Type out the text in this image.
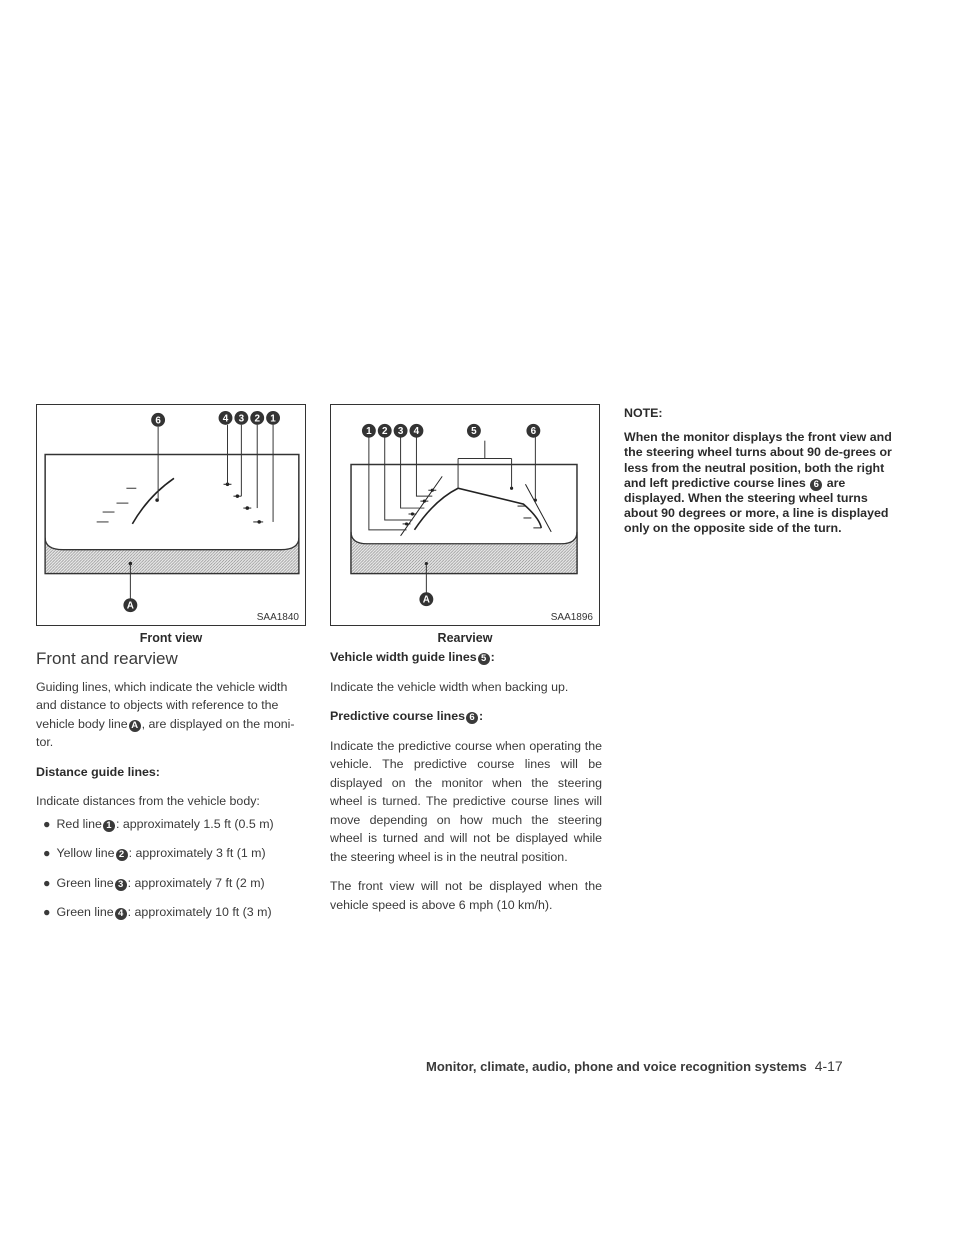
6	4 3 2 1
A
SAA1840
Front view
1 2 3 4	5	6
A
SAA1896
Rearview
Front and rearview

Guiding lines, which indicate the vehicle width and distance to objects with reference to the vehicle body line A , are displayed on the moni-tor.

Distance guide lines:

Indicate distances from the vehicle body:

● Red line 1 : approximately 1.5 ft (0.5 m)

● Yellow line 2 : approximately 3 ft (1 m)

● Green line 3 : approximately 7 ft (2 m)

● Green line 4 : approximately 10 ft (3 m)

Vehicle width guide lines 5 :

Indicate the vehicle width when backing up.

Predictive course lines 6 :

Indicate the predictive course when operating the vehicle. The predictive course lines will be displayed on the monitor when the steering wheel is turned. The predictive course lines will move depending on how much the steering wheel is turned and will not be displayed while the steering wheel is in the neutral position.

The front view will not be displayed when the vehicle speed is above 6 mph (10 km/h).

NOTE:

When the monitor displays the front view and the steering wheel turns about 90 de-grees or less from the neutral position, both the right and left predictive course lines 6 are displayed. When the steering wheel turns about 90 degrees or more, a line is displayed only on the opposite side of the turn.

Monitor, climate, audio, phone and voice recognition systems 4-17
